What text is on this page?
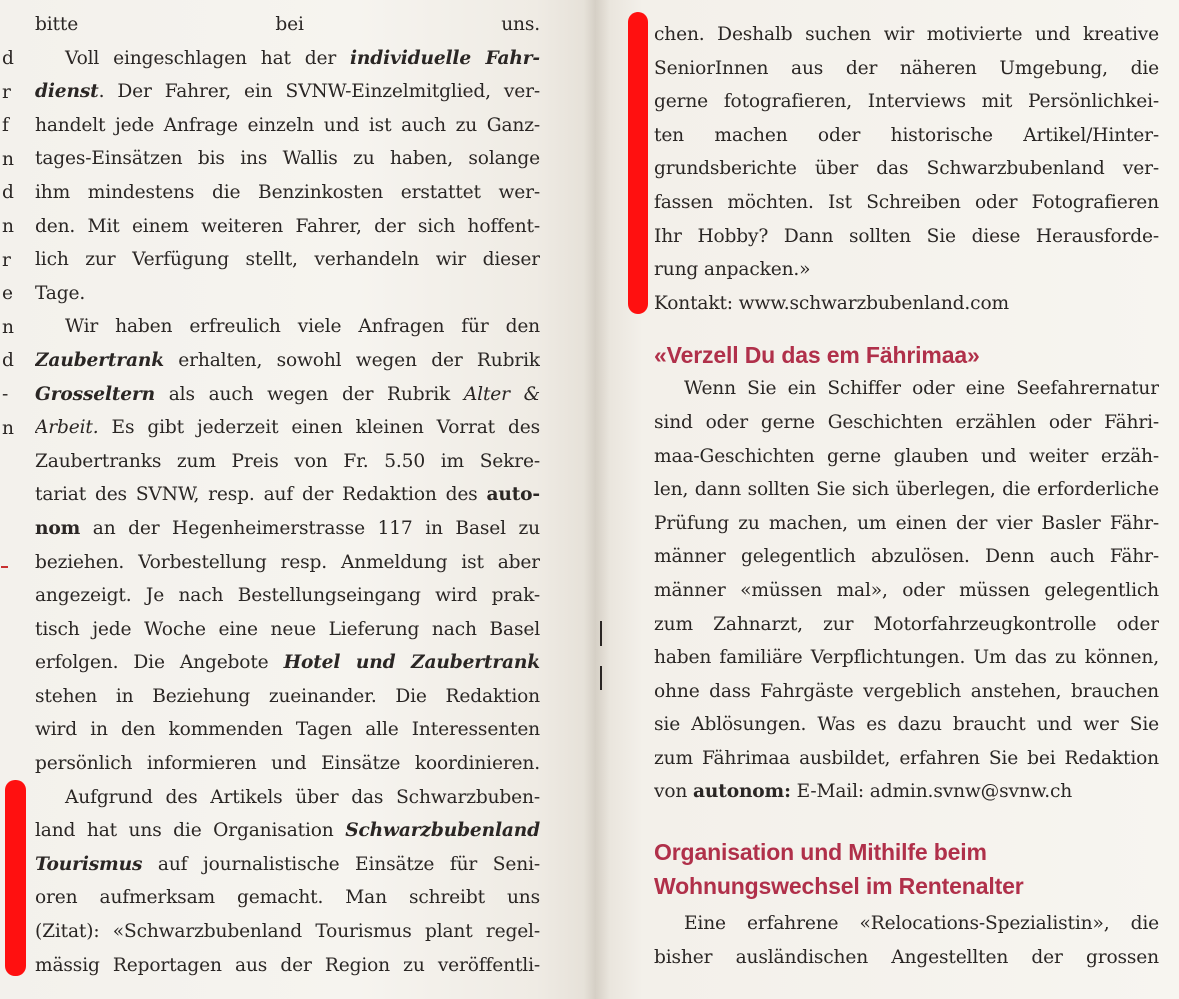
d
r
f
n
d
n
r
e
n
d
-
n
bitte bei uns.
Voll eingeschlagen hat der individuelle Fahr-
dienst. Der Fahrer, ein SVNW-Einzelmitglied, ver-
handelt jede Anfrage einzeln und ist auch zu Ganz-
tages-Einsätzen bis ins Wallis zu haben, solange
ihm mindestens die Benzinkosten erstattet wer-
den. Mit einem weiteren Fahrer, der sich hoffent-
lich zur Verfügung stellt, verhandeln wir dieser
Tage.
Wir haben erfreulich viele Anfragen für den
Zaubertrank erhalten, sowohl wegen der Rubrik
Grosseltern als auch wegen der Rubrik Alter &
Arbeit. Es gibt jederzeit einen kleinen Vorrat des
Zaubertranks zum Preis von Fr. 5.50 im Sekre-
tariat des SVNW, resp. auf der Redaktion des auto-
nom an der Hegenheimerstrasse 117 in Basel zu
beziehen. Vorbestellung resp. Anmeldung ist aber
angezeigt. Je nach Bestellungseingang wird prak-
tisch jede Woche eine neue Lieferung nach Basel
erfolgen. Die Angebote Hotel und Zaubertrank
stehen in Beziehung zueinander. Die Redaktion
wird in den kommenden Tagen alle Interessenten
persönlich informieren und Einsätze koordinieren.
Aufgrund des Artikels über das Schwarzbuben-
land hat uns die Organisation Schwarzbubenland
Tourismus auf journalistische Einsätze für Seni-
oren aufmerksam gemacht. Man schreibt uns
(Zitat): «Schwarzbubenland Tourismus plant regel-
mässig Reportagen aus der Region zu veröffentli-
chen. Deshalb suchen wir motivierte und kreative
SeniorInnen aus der näheren Umgebung, die
gerne fotografieren, Interviews mit Persönlichkei-
ten machen oder historische Artikel/Hinter-
grundsberichte über das Schwarzbubenland ver-
fassen möchten. Ist Schreiben oder Fotografieren
Ihr Hobby? Dann sollten Sie diese Herausforde-
rung anpacken.»
Kontakt: www.schwarzbubenland.com
«Verzell Du das em Fährimaa»
Wenn Sie ein Schiffer oder eine Seefahrernatur
sind oder gerne Geschichten erzählen oder Fähri-
maa-Geschichten gerne glauben und weiter erzäh-
len, dann sollten Sie sich überlegen, die erforderliche
Prüfung zu machen, um einen der vier Basler Fähr-
männer gelegentlich abzulösen. Denn auch Fähr-
männer «müssen mal», oder müssen gelegentlich
zum Zahnarzt, zur Motorfahrzeugkontrolle oder
haben familiäre Verpflichtungen. Um das zu können,
ohne dass Fahrgäste vergeblich anstehen, brauchen
sie Ablösungen. Was es dazu braucht und wer Sie
zum Fährimaa ausbildet, erfahren Sie bei Redaktion
von autonom: E-Mail: admin.svnw@svnw.ch
Organisation und Mithilfe beim
Wohnungswechsel im Rentenalter
Eine erfahrene «Relocations-Spezialistin», die
bisher ausländischen Angestellten der grossen
